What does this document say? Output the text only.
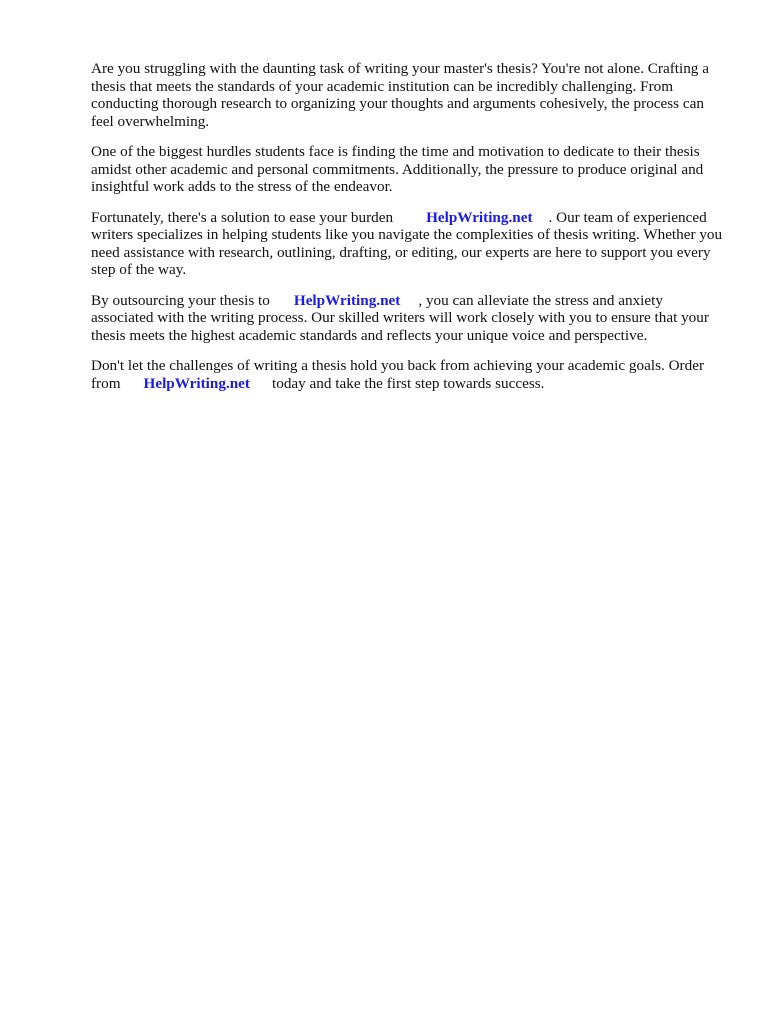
Are you struggling with the daunting task of writing your master's thesis? You're not alone. Crafting a thesis that meets the standards of your academic institution can be incredibly challenging. From conducting thorough research to organizing your thoughts and arguments cohesively, the process can feel overwhelming.

One of the biggest hurdles students face is finding the time and motivation to dedicate to their thesis amidst other academic and personal commitments. Additionally, the pressure to produce original and insightful work adds to the stress of the endeavor.

Fortunately, there's a solution to ease your burden HelpWriting.net . Our team of experienced writers specializes in helping students like you navigate the complexities of thesis writing. Whether you need assistance with research, outlining, drafting, or editing, our experts are here to support you every step of the way.

By outsourcing your thesis to HelpWriting.net , you can alleviate the stress and anxiety associated with the writing process. Our skilled writers will work closely with you to ensure that your thesis meets the highest academic standards and reflects your unique voice and perspective.

Don't let the challenges of writing a thesis hold you back from achieving your academic goals. Order from HelpWriting.net today and take the first step towards success.
